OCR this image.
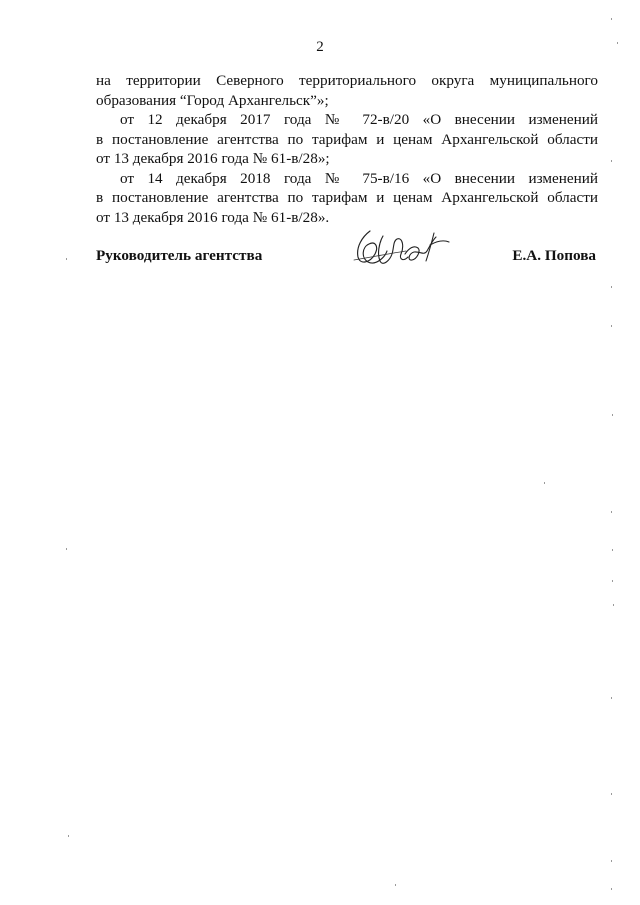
2
на территории Северного территориального округа муниципального
образования “Город Архангельск”»;
от 12 декабря 2017 года № 72-в/20 «О внесении изменений
в постановление агентства по тарифам и ценам Архангельской области
от 13 декабря 2016 года № 61-в/28»;
от 14 декабря 2018 года № 75-в/16 «О внесении изменений
в постановление агентства по тарифам и ценам Архангельской области
от 13 декабря 2016 года № 61-в/28».
Руководитель агентства	Е.А. Попова
